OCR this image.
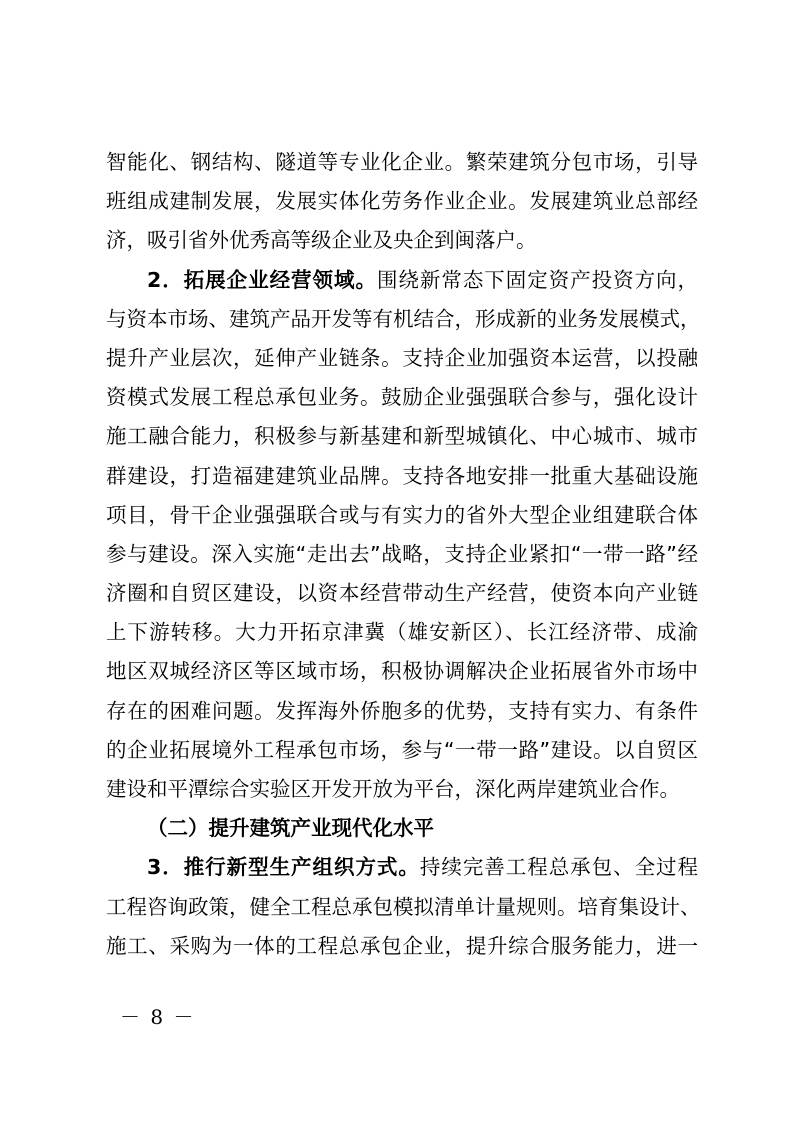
智能化、钢结构、隧道等专业化企业。繁荣建筑分包市场，引导
班组成建制发展，发展实体化劳务作业企业。发展建筑业总部经
济，吸引省外优秀高等级企业及央企到闽落户。
2．拓展企业经营领域。围绕新常态下固定资产投资方向，
与资本市场、建筑产品开发等有机结合，形成新的业务发展模式，
提升产业层次，延伸产业链条。支持企业加强资本运营，以投融
资模式发展工程总承包业务。鼓励企业强强联合参与，强化设计
施工融合能力，积极参与新基建和新型城镇化、中心城市、城市
群建设，打造福建建筑业品牌。支持各地安排一批重大基础设施
项目，骨干企业强强联合或与有实力的省外大型企业组建联合体
参与建设。深入实施“走出去”战略，支持企业紧扣“一带一路”经
济圈和自贸区建设，以资本经营带动生产经营，使资本向产业链
上下游转移。大力开拓京津冀（雄安新区）、长江经济带、成渝
地区双城经济区等区域市场，积极协调解决企业拓展省外市场中
存在的困难问题。发挥海外侨胞多的优势，支持有实力、有条件
的企业拓展境外工程承包市场，参与“一带一路”建设。以自贸区
建设和平潭综合实验区开发开放为平台，深化两岸建筑业合作。
（二）提升建筑产业现代化水平
3．推行新型生产组织方式。持续完善工程总承包、全过程
工程咨询政策，健全工程总承包模拟清单计量规则。培育集设计、
施工、采购为一体的工程总承包企业，提升综合服务能力，进一
－ 8 －
